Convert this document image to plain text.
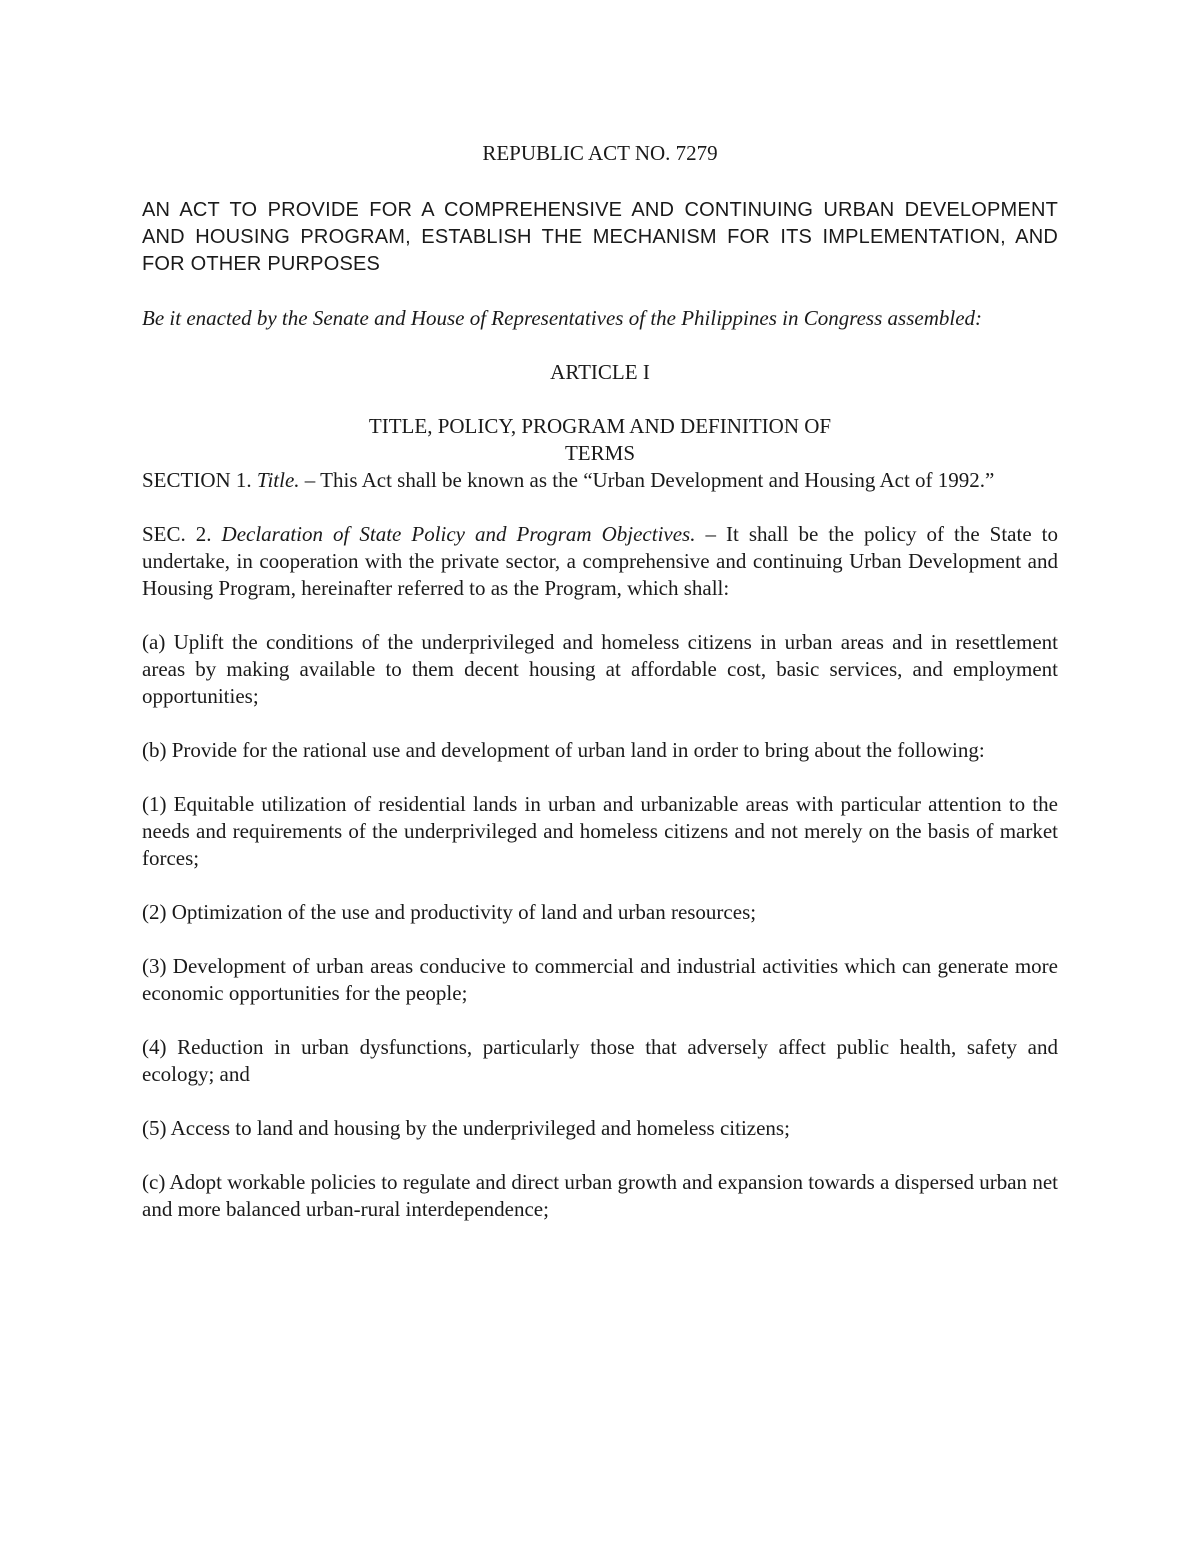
REPUBLIC ACT NO. 7279

AN ACT TO PROVIDE FOR A COMPREHENSIVE AND CONTINUING URBAN DEVELOPMENT AND HOUSING PROGRAM, ESTABLISH THE MECHANISM FOR ITS IMPLEMENTATION, AND FOR OTHER PURPOSES

Be it enacted by the Senate and House of Representatives of the Philippines in Congress assembled:

ARTICLE I

TITLE, POLICY, PROGRAM AND DEFINITION OF
TERMS

SECTION 1. Title. – This Act shall be known as the “Urban Development and Housing Act of 1992.”

SEC. 2. Declaration of State Policy and Program Objectives. – It shall be the policy of the State to undertake, in cooperation with the private sector, a comprehensive and continuing Urban Development and Housing Program, hereinafter referred to as the Program, which shall:

(a) Uplift the conditions of the underprivileged and homeless citizens in urban areas and in resettlement areas by making available to them decent housing at affordable cost, basic services, and employment opportunities;

(b) Provide for the rational use and development of urban land in order to bring about the following:

(1) Equitable utilization of residential lands in urban and urbanizable areas with particular attention to the needs and requirements of the underprivileged and homeless citizens and not merely on the basis of market forces;

(2) Optimization of the use and productivity of land and urban resources;

(3) Development of urban areas conducive to commercial and industrial activities which can generate more economic opportunities for the people;

(4) Reduction in urban dysfunctions, particularly those that adversely affect public health, safety and ecology; and

(5) Access to land and housing by the underprivileged and homeless citizens;

(c) Adopt workable policies to regulate and direct urban growth and expansion towards a dispersed urban net and more balanced urban-rural interdependence;
